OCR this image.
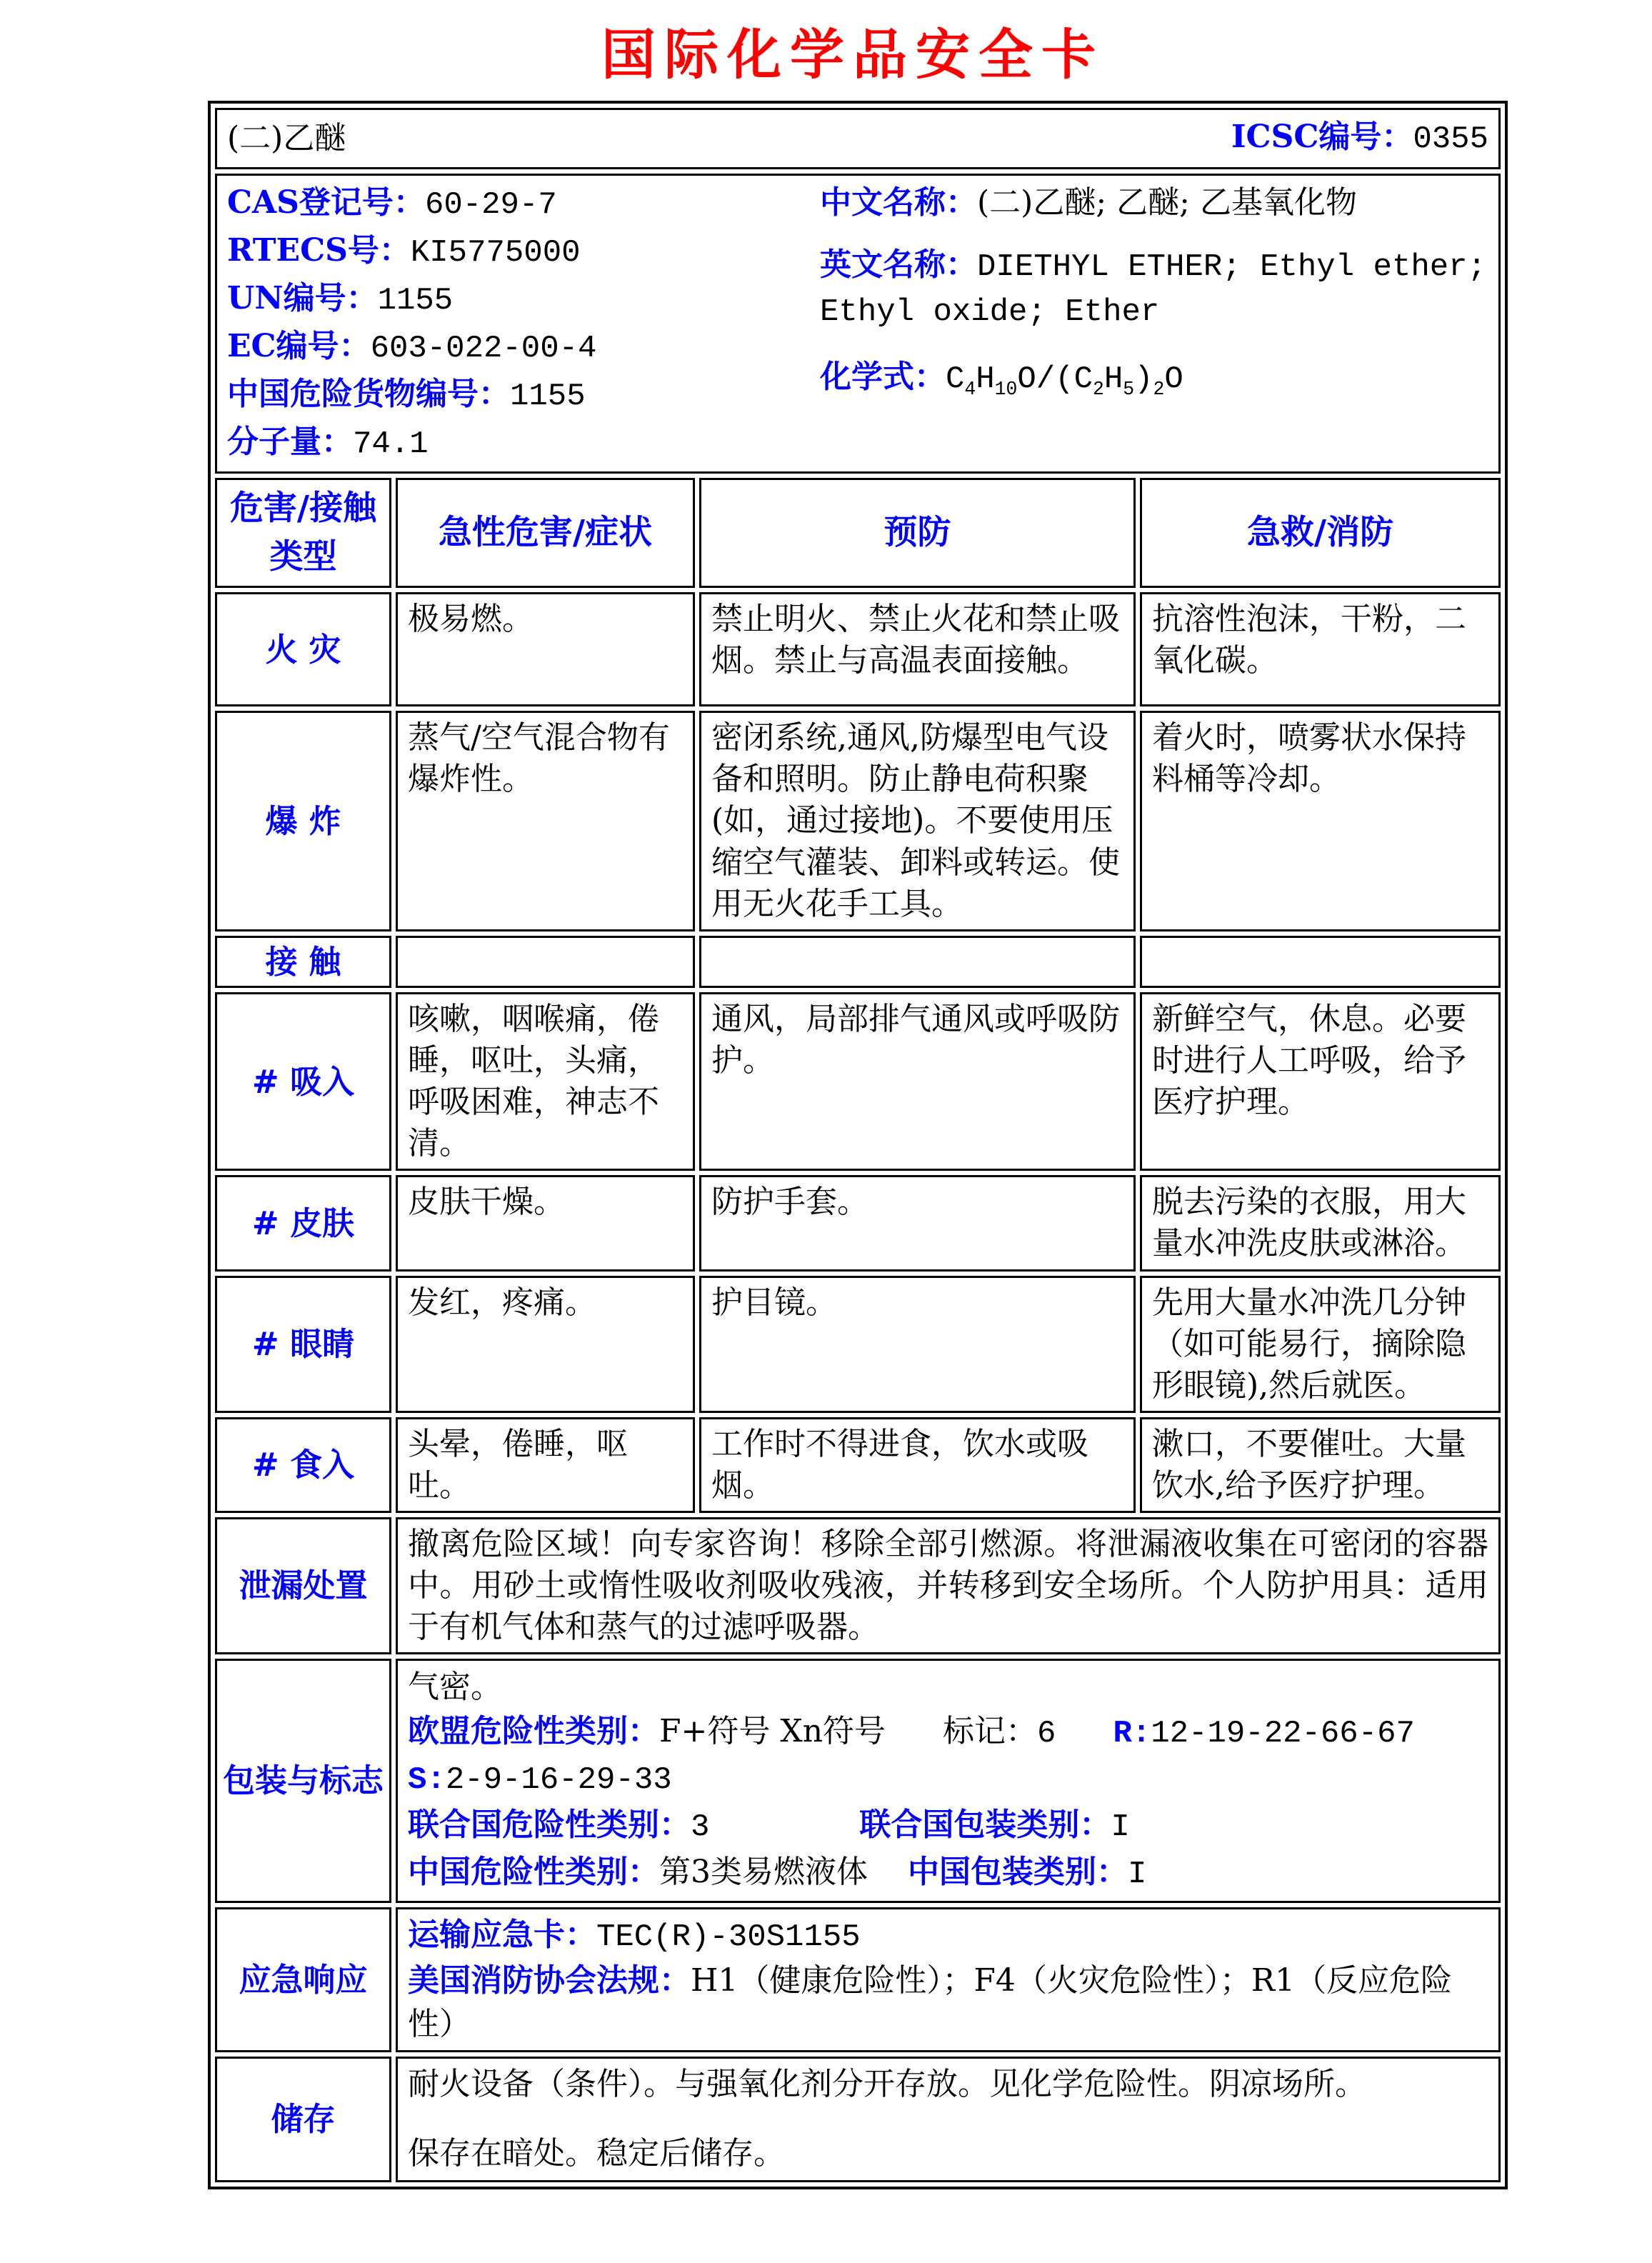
国际化学品安全卡
(二)乙醚 ICSC编号：0355			

CAS登记号：60-29-7
RTECS号：KI5775000
UN编号：1155
EC编号：603-022-00-4
中国危险货物编号：1155
分子量：74.1
中文名称：(二)乙醚; 乙醚; 乙基氧化物
英文名称：DIETHYL ETHER; Ethyl ether; Ethyl oxide; Ether
化学式：$C_4H_{10}O/(C_2H_5)_2O$

危害/接触类型	急性危害/症状	预防	急救/消防
火 灾	极易燃。	禁止明火、禁止火花和禁止吸烟。禁止与高温表面接触。	抗溶性泡沫，干粉，二氧化碳。
爆 炸	蒸气/空气混合物有爆炸性。	密闭系统,通风,防爆型电气设备和照明。防止静电荷积聚(如，通过接地)。不要使用压缩空气灌装、卸料或转运。使用无火花手工具。	着火时，喷雾状水保持料桶等冷却。
接 触			
# 吸入	咳嗽，咽喉痛，倦睡，呕吐，头痛，呼吸困难，神志不清。	通风，局部排气通风或呼吸防护。	新鲜空气，休息。必要时进行人工呼吸，给予医疗护理。
# 皮肤	皮肤干燥。	防护手套。	脱去污染的衣服，用大量水冲洗皮肤或淋浴。
# 眼睛	发红，疼痛。	护目镜。	先用大量水冲洗几分钟（如可能易行，摘除隐形眼镜),然后就医。
# 食入	头晕，倦睡，呕吐。	工作时不得进食，饮水或吸烟。	漱口，不要催吐。大量饮水,给予医疗护理。
泄漏处置	撤离危险区域！向专家咨询！移除全部引燃源。将泄漏液收集在可密闭的容器中。用砂土或惰性吸收剂吸收残液，并转移到安全场所。个人防护用具：适用于有机气体和蒸气的过滤呼吸器。		
包装与标志	气密。
欧盟危险性类别：F+符号 Xn符号 标记：6 R:12-19-22-66-67
S:2-9-16-29-33
联合国危险性类别：3 联合国包装类别：I
中国危险性类别：第3类易燃液体 中国包装类别：I		

应急响应	运输应急卡：TEC(R)-30S1155
美国消防协会法规：H1（健康危险性）；F4（火灾危险性）；R1（反应危险性）		

储存	耐火设备（条件）。与强氧化剂分开存放。见化学危险性。阴凉场所。
保存在暗处。稳定后储存。		
